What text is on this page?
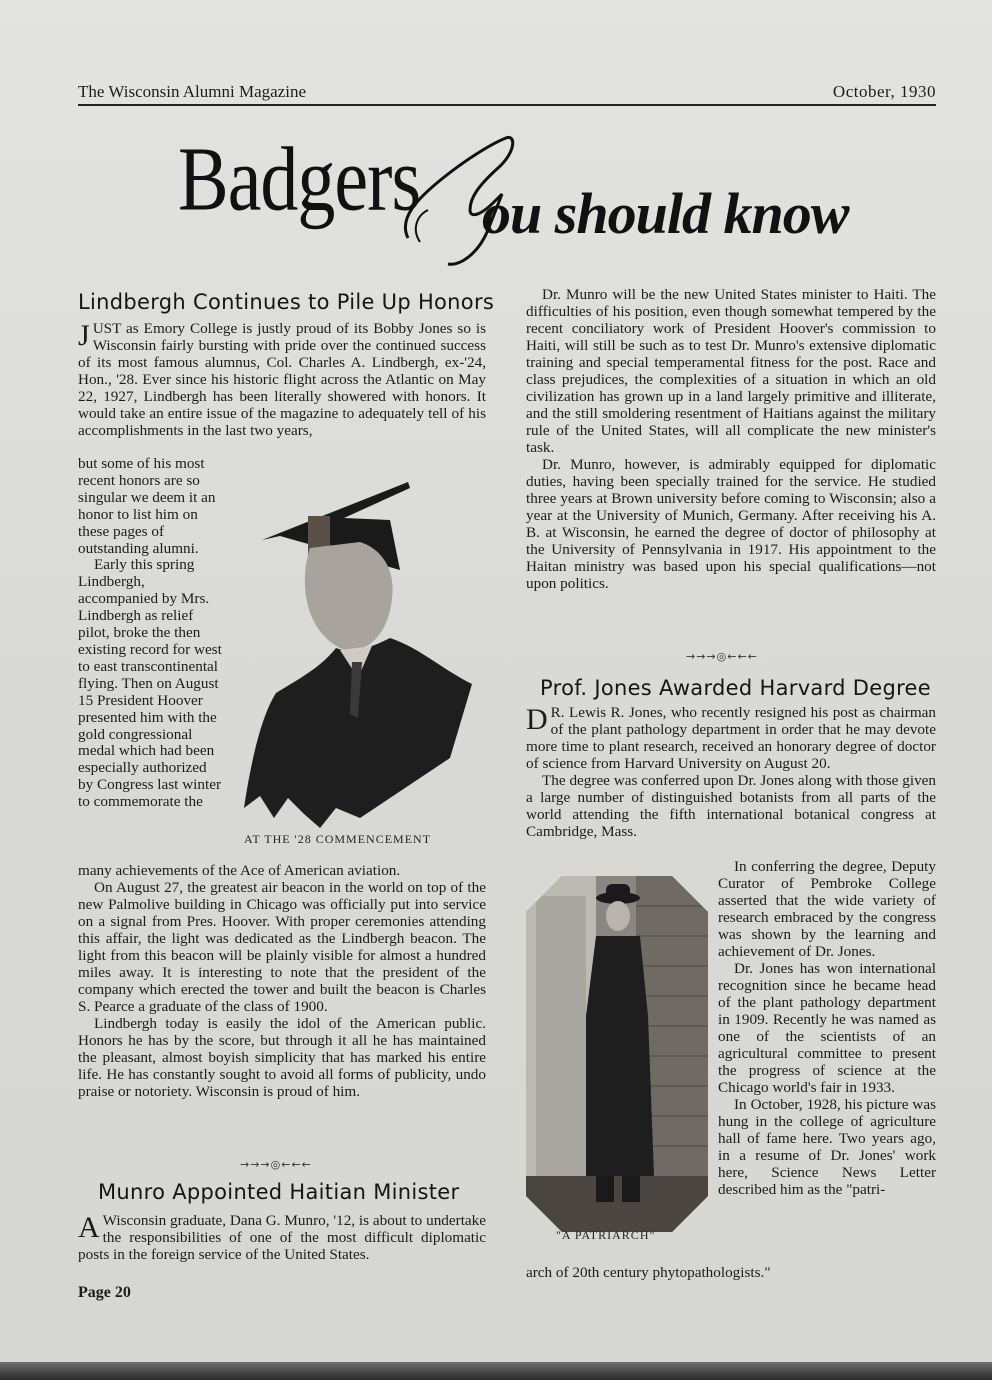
The Wisconsin Alumni Magazine	October, 1930
Badgers ou should know
Lindbergh Continues to Pile Up Honors

JUST as Emory College is justly proud of its Bobby Jones so is Wisconsin fairly bursting with pride over the continued success of its most famous alumnus, Col. Charles A. Lindbergh, ex-'24, Hon., '28. Ever since his historic flight across the Atlantic on May 22, 1927, Lindbergh has been literally showered with honors. It would take an entire issue of the magazine to adequately tell of his accomplishments in the last two years,

but some of his most recent honors are so singular we deem it an honor to list him on these pages of outstanding alumni.

Early this spring Lindbergh, accompanied by Mrs. Lindbergh as relief pilot, broke the then existing record for west to east transcontinental flying. Then on August 15 President Hoover presented him with the gold congressional medal which had been especially authorized by Congress last winter to commemorate the

AT THE '28 COMMENCEMENT

many achievements of the Ace of American aviation.

On August 27, the greatest air beacon in the world on top of the new Palmolive building in Chicago was officially put into service on a signal from Pres. Hoover. With proper ceremonies attending this affair, the light was dedicated as the Lindbergh beacon. The light from this beacon will be plainly visible for almost a hundred miles away. It is interesting to note that the president of the company which erected the tower and built the beacon is Charles S. Pearce a graduate of the class of 1900.

Lindbergh today is easily the idol of the American public. Honors he has by the score, but through it all he has maintained the pleasant, almost boyish simplicity that has marked his entire life. He has constantly sought to avoid all forms of publicity, undo praise or notoriety. Wisconsin is proud of him.

→→→◎←←←
Munro Appointed Haitian Minister

A Wisconsin graduate, Dana G. Munro, '12, is about to undertake the responsibilities of one of the most difficult diplomatic posts in the foreign service of the United States.

Dr. Munro will be the new United States minister to Haiti. The difficulties of his position, even though somewhat tempered by the recent conciliatory work of President Hoover's commission to Haiti, will still be such as to test Dr. Munro's extensive diplomatic training and special temperamental fitness for the post. Race and class prejudices, the complexities of a situation in which an old civilization has grown up in a land largely primitive and illiterate, and the still smoldering resentment of Haitians against the military rule of the United States, will all complicate the new minister's task.

Dr. Munro, however, is admirably equipped for diplomatic duties, having been specially trained for the service. He studied three years at Brown university before coming to Wisconsin; also a year at the University of Munich, Germany. After receiving his A. B. at Wisconsin, he earned the degree of doctor of philosophy at the University of Pennsylvania in 1917. His appointment to the Haitan ministry was based upon his special qualifications—not upon politics.

→→→◎←←←
Prof. Jones Awarded Harvard Degree

D R. Lewis R. Jones, who recently resigned his post as chairman of the plant pathology department in order that he may devote more time to plant research, received an honorary degree of doctor of science from Harvard University on August 20.

The degree was conferred upon Dr. Jones along with those given a large number of distinguished botanists from all parts of the world attending the fifth international botanical congress at Cambridge, Mass.

"A PATRIARCH"

In conferring the degree, Deputy Curator of Pembroke College asserted that the wide variety of research embraced by the congress was shown by the learning and achievement of Dr. Jones.

Dr. Jones has won international recognition since he became head of the plant pathology department in 1909. Recently he was named as one of the scientists of an agricultural committee to present the progress of science at the Chicago world's fair in 1933.

In October, 1928, his picture was hung in the college of agriculture hall of fame here. Two years ago, in a resume of Dr. Jones' work here, Science News Letter described him as the "patri-

arch of 20th century phytopathologists."

Page 20
